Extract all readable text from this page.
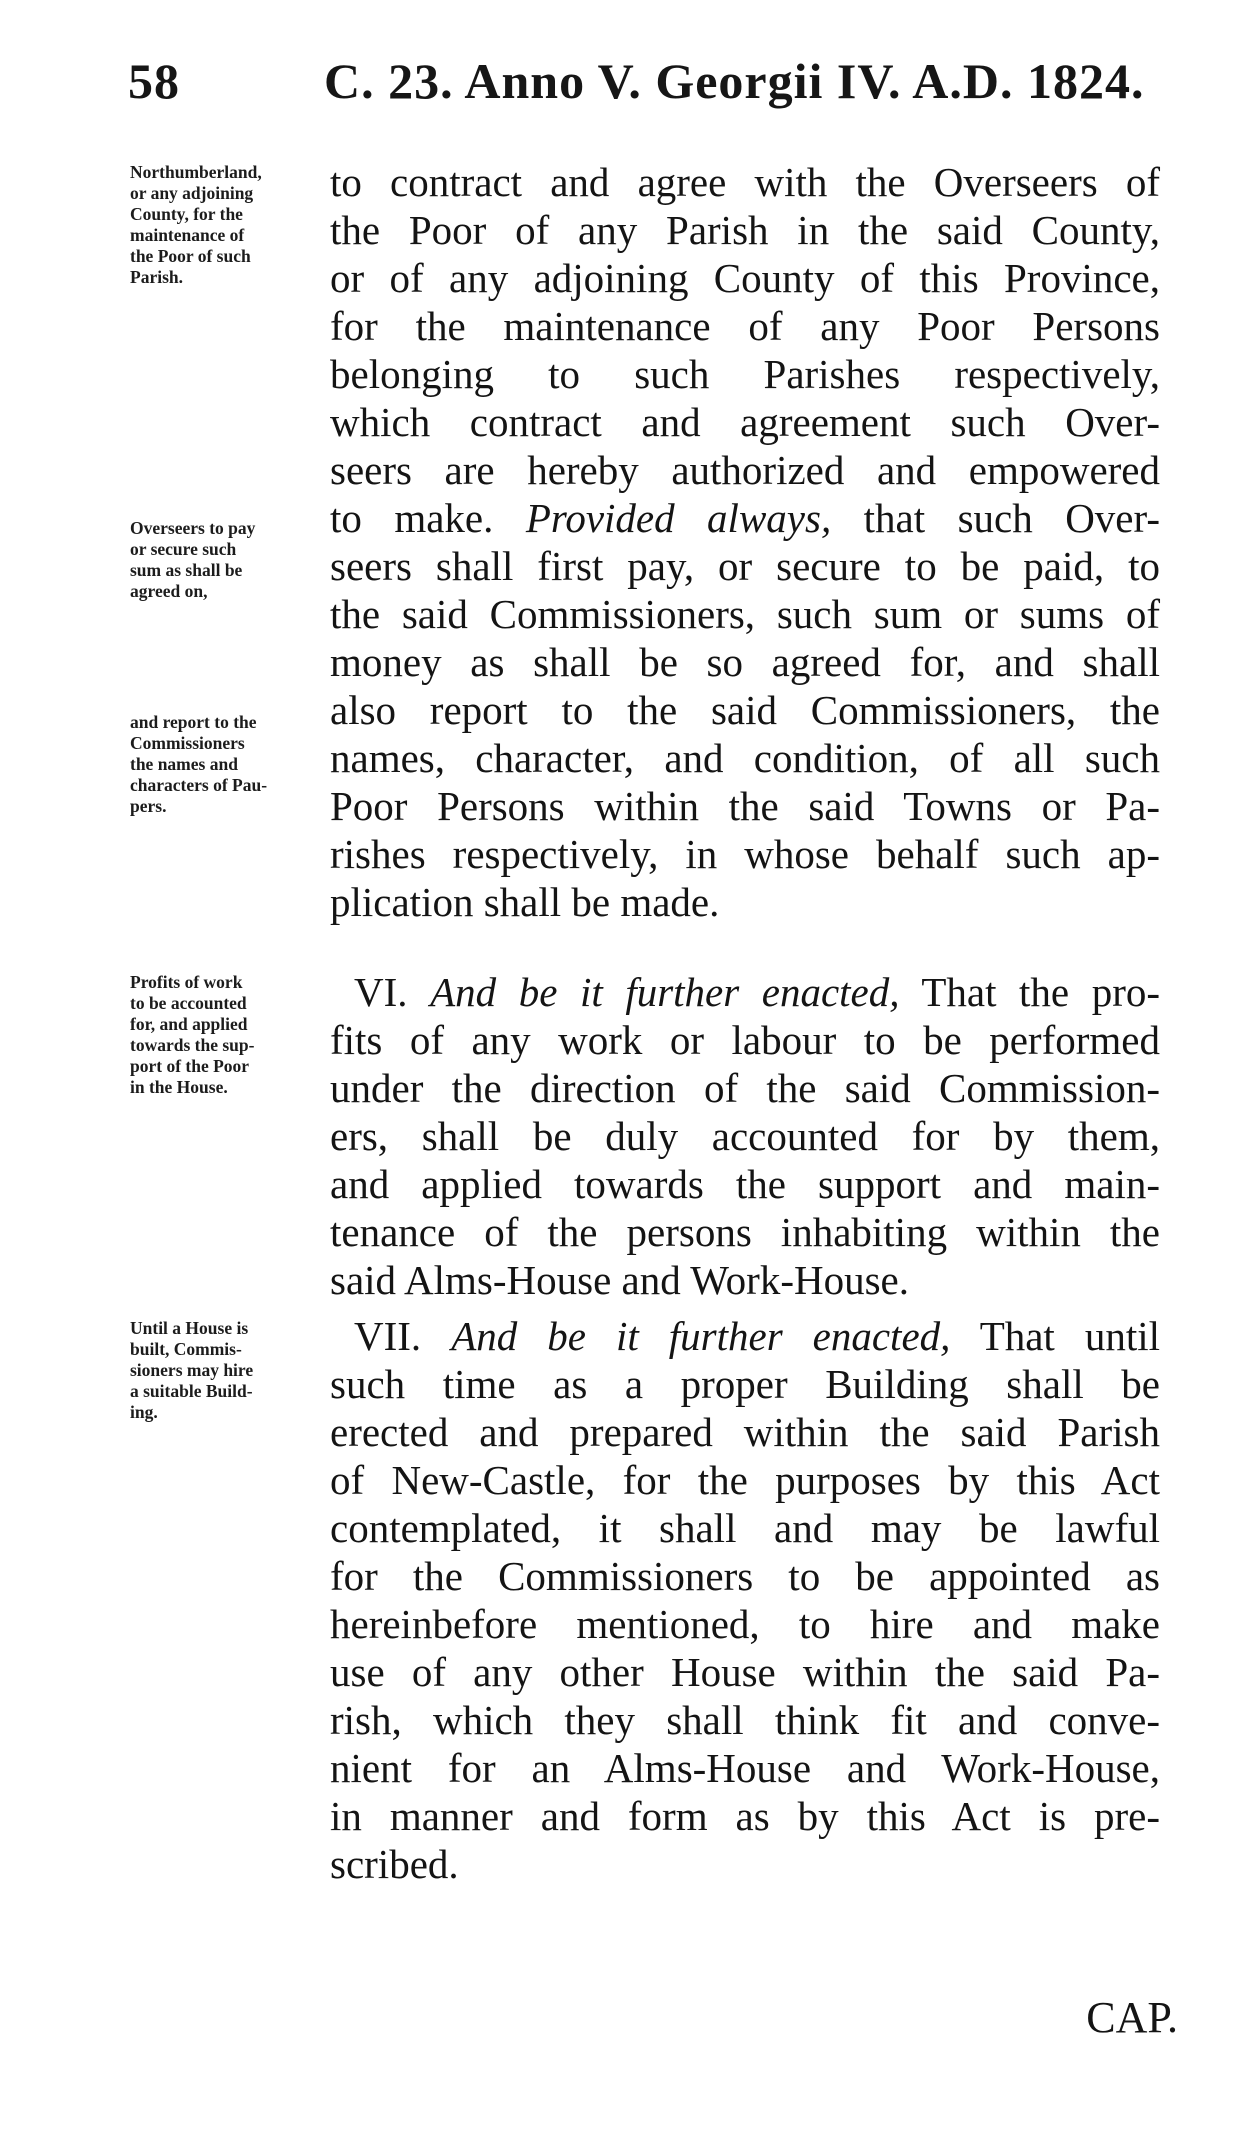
58	C. 23. Anno V. Georgii IV. A.D. 1824.
Northumberland,
or any adjoining
County, for the
maintenance of
the Poor of such
Parish.
Overseers to pay
or secure such
sum as shall be
agreed on,
and report to the
Commissioners
the names and
characters of Pau-
pers.
Profits of work
to be accounted
for, and applied
towards the sup-
port of the Poor
in the House.
Until a House is
built, Commis-
sioners may hire
a suitable Build-
ing.
to contract and agree with the Overseers of
the Poor of any Parish in the said County,
or of any adjoining County of this Province,
for the maintenance of any Poor Persons
belonging to such Parishes respectively,
which contract and agreement such Over-
seers are hereby authorized and empowered
to make. Provided always, that such Over-
seers shall first pay, or secure to be paid, to
the said Commissioners, such sum or sums of
money as shall be so agreed for, and shall
also report to the said Commissioners, the
names, character, and condition, of all such
Poor Persons within the said Towns or Pa-
rishes respectively, in whose behalf such ap-
plication shall be made.
VI. And be it further enacted, That the pro-
fits of any work or labour to be performed
under the direction of the said Commission-
ers, shall be duly accounted for by them,
and applied towards the support and main-
tenance of the persons inhabiting within the
said Alms-House and Work-House.
VII. And be it further enacted, That until
such time as a proper Building shall be
erected and prepared within the said Parish
of New-Castle, for the purposes by this Act
contemplated, it shall and may be lawful
for the Commissioners to be appointed as
hereinbefore mentioned, to hire and make
use of any other House within the said Pa-
rish, which they shall think fit and conve-
nient for an Alms-House and Work-House,
in manner and form as by this Act is pre-
scribed.
CAP.
